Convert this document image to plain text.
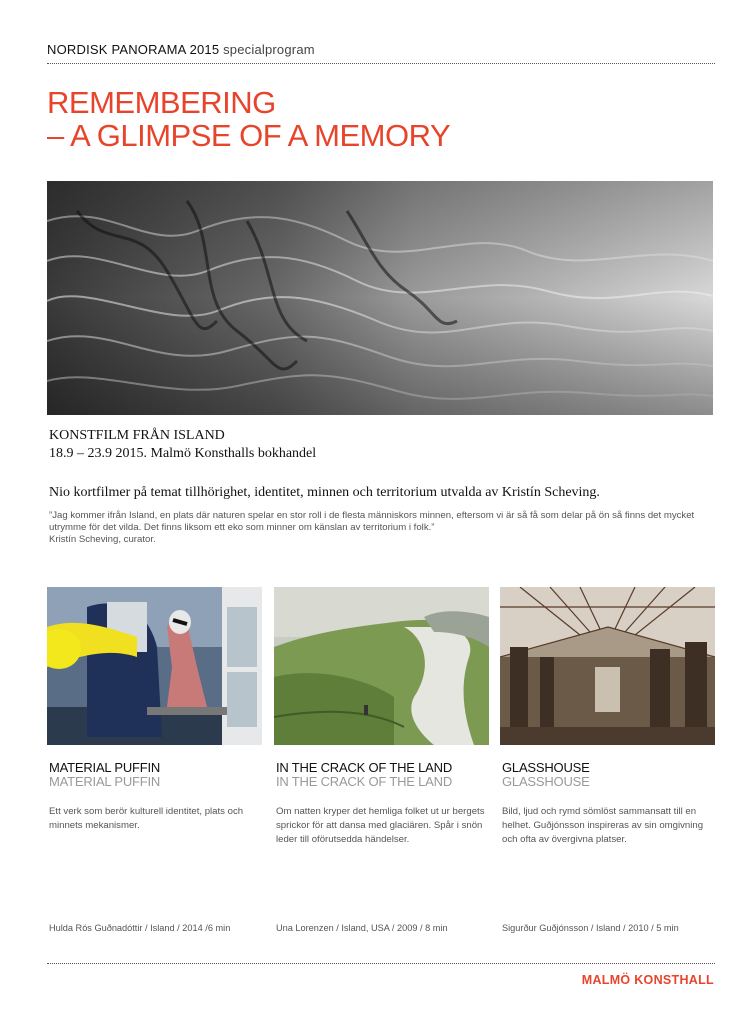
NORDISK PANORAMA 2015 specialprogram
REMEMBERING
– A GLIMPSE OF A MEMORY
KONSTFILM FRÅN ISLAND
18.9 – 23.9 2015. Malmö Konsthalls bokhandel
Nio kortfilmer på temat tillhörighet, identitet, minnen och territorium utvalda av Kristín Scheving.
”Jag kommer ifrån Island, en plats där naturen spelar en stor roll i de flesta människors minnen, eftersom vi är så få som delar på ön så finns det mycket utrymme för det vilda. Det finns liksom ett eko som minner om känslan av territorium i folk.”
Kristín Scheving, curator.
MATERIAL PUFFIN
MATERIAL PUFFIN
Ett verk som berör kulturell identitet, plats och minnets mekanismer.
Hulda Rós Guðnadóttir / Island / 2014 /6 min
IN THE CRACK OF THE LAND
IN THE CRACK OF THE LAND
Om natten kryper det hemliga folket ut ur bergets sprickor för att dansa med glaciären. Spår i snön leder till oförutsedda händelser.
Una Lorenzen / Island, USA / 2009 / 8 min
GLASSHOUSE
GLASSHOUSE
Bild, ljud och rymd sömlöst sammansatt till en helhet. Guðjónsson inspireras av sin omgivning och ofta av övergivna platser.
Sigurður Guðjónsson / Island / 2010 / 5 min
MALMÖ KONSTHALL
